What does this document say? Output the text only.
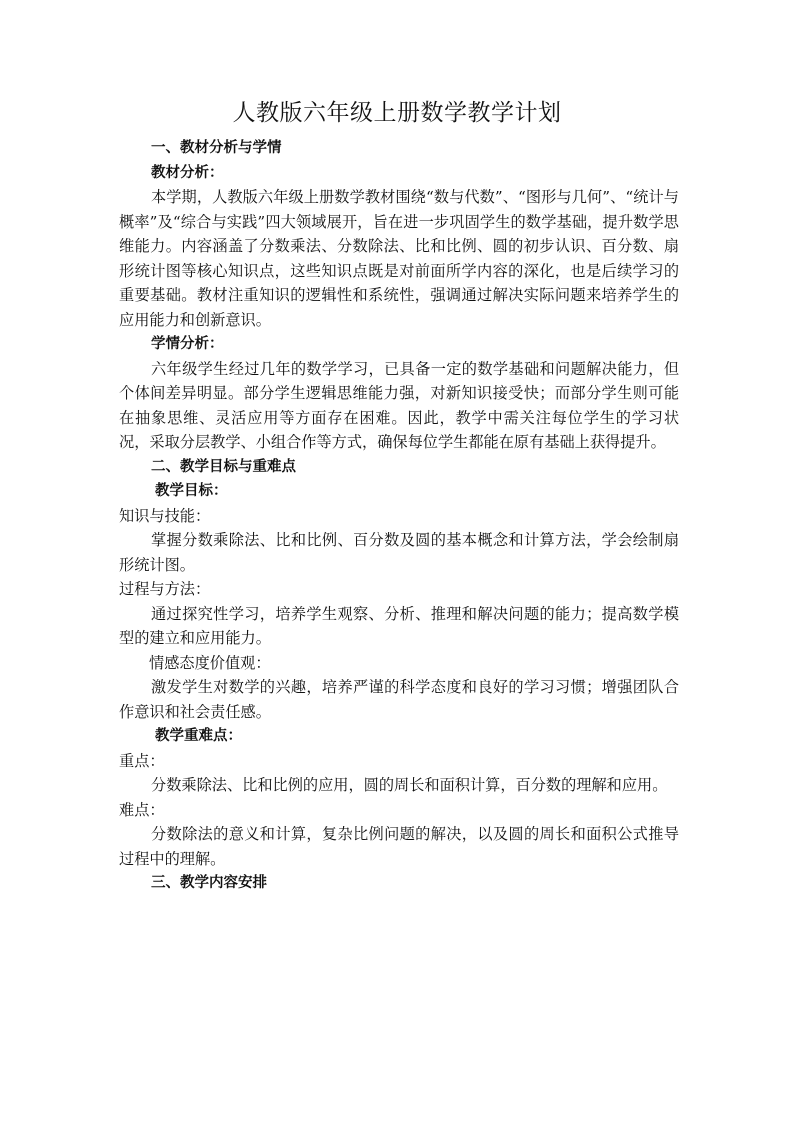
人教版六年级上册数学教学计划

一、教材分析与学情

教材分析：

本学期，人教版六年级上册数学教材围绕“数与代数”、“图形与几何”、“统计与概率”及“综合与实践”四大领域展开，旨在进一步巩固学生的数学基础，提升数学思维能力。内容涵盖了分数乘法、分数除法、比和比例、圆的初步认识、百分数、扇形统计图等核心知识点，这些知识点既是对前面所学内容的深化，也是后续学习的重要基础。教材注重知识的逻辑性和系统性，强调通过解决实际问题来培养学生的应用能力和创新意识。

学情分析：

六年级学生经过几年的数学学习，已具备一定的数学基础和问题解决能力，但个体间差异明显。部分学生逻辑思维能力强，对新知识接受快；而部分学生则可能在抽象思维、灵活应用等方面存在困难。因此，教学中需关注每位学生的学习状况，采取分层教学、小组合作等方式，确保每位学生都能在原有基础上获得提升。

二、教学目标与重难点

教学目标：

知识与技能：

掌握分数乘除法、比和比例、百分数及圆的基本概念和计算方法，学会绘制扇形统计图。

过程与方法：

通过探究性学习，培养学生观察、分析、推理和解决问题的能力；提高数学模型的建立和应用能力。

情感态度价值观：

激发学生对数学的兴趣，培养严谨的科学态度和良好的学习习惯；增强团队合作意识和社会责任感。

教学重难点：

重点：

分数乘除法、比和比例的应用，圆的周长和面积计算，百分数的理解和应用。

难点：

分数除法的意义和计算，复杂比例问题的解决，以及圆的周长和面积公式推导过程中的理解。

三、教学内容安排
